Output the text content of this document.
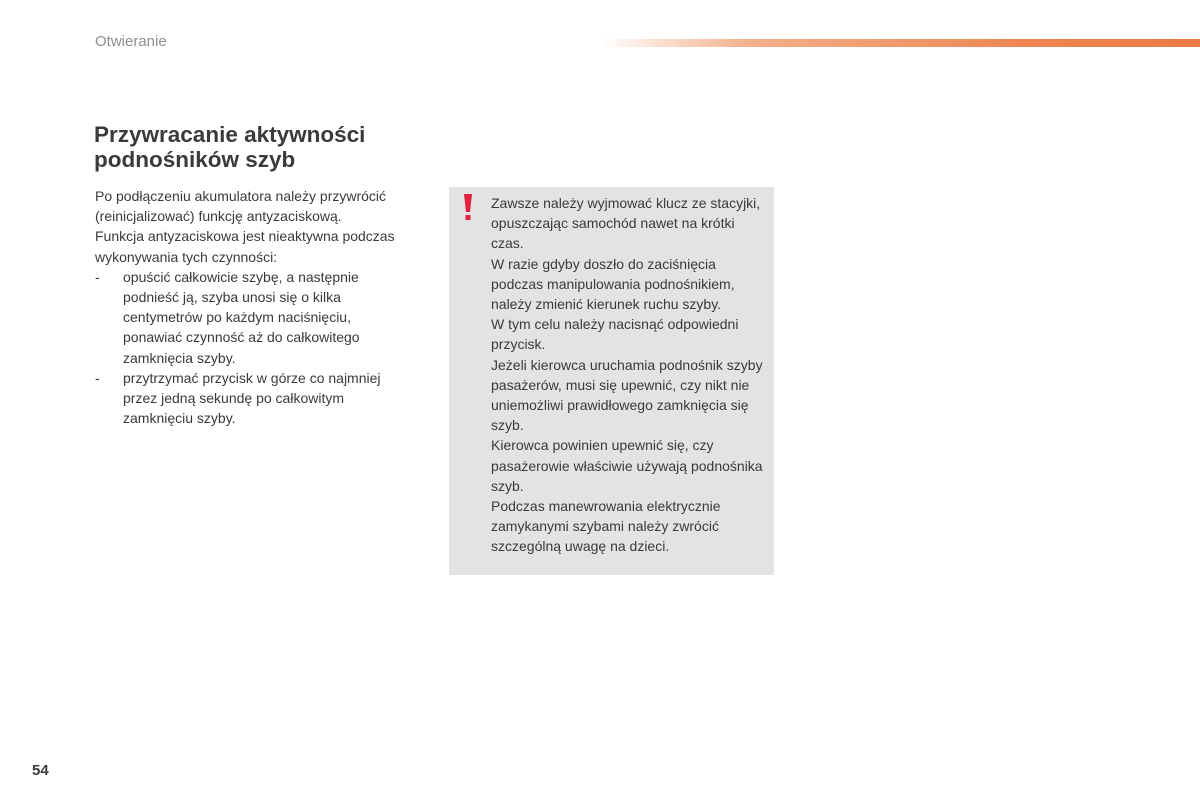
Otwieranie
Przywracanie aktywności
podnośników szyb

Po podłączeniu akumulatora należy przywrócić (reinicjalizować) funkcję antyzaciskową.

Funkcja antyzaciskowa jest nieaktywna podczas wykonywania tych czynności:

- opuścić całkowicie szybę, a następnie podnieść ją, szyba unosi się o kilka centymetrów po każdym naciśnięciu, ponawiać czynność aż do całkowitego zamknięcia szyby.
- przytrzymać przycisk w górze co najmniej przez jedną sekundę po całkowitym zamknięciu szyby.

Zawsze należy wyjmować klucz ze stacyjki, opuszczając samochód nawet na krótki czas.

W razie gdyby doszło do zaciśnięcia podczas manipulowania podnośnikiem, należy zmienić kierunek ruchu szyby.

W tym celu należy nacisnąć odpowiedni przycisk.

Jeżeli kierowca uruchamia podnośnik szyby pasażerów, musi się upewnić, czy nikt nie uniemożliwi prawidłowego zamknięcia się szyb.

Kierowca powinien upewnić się, czy pasażerowie właściwie używają podnośnika szyb.

Podczas manewrowania elektrycznie zamykanymi szybami należy zwrócić szczególną uwagę na dzieci.

54
